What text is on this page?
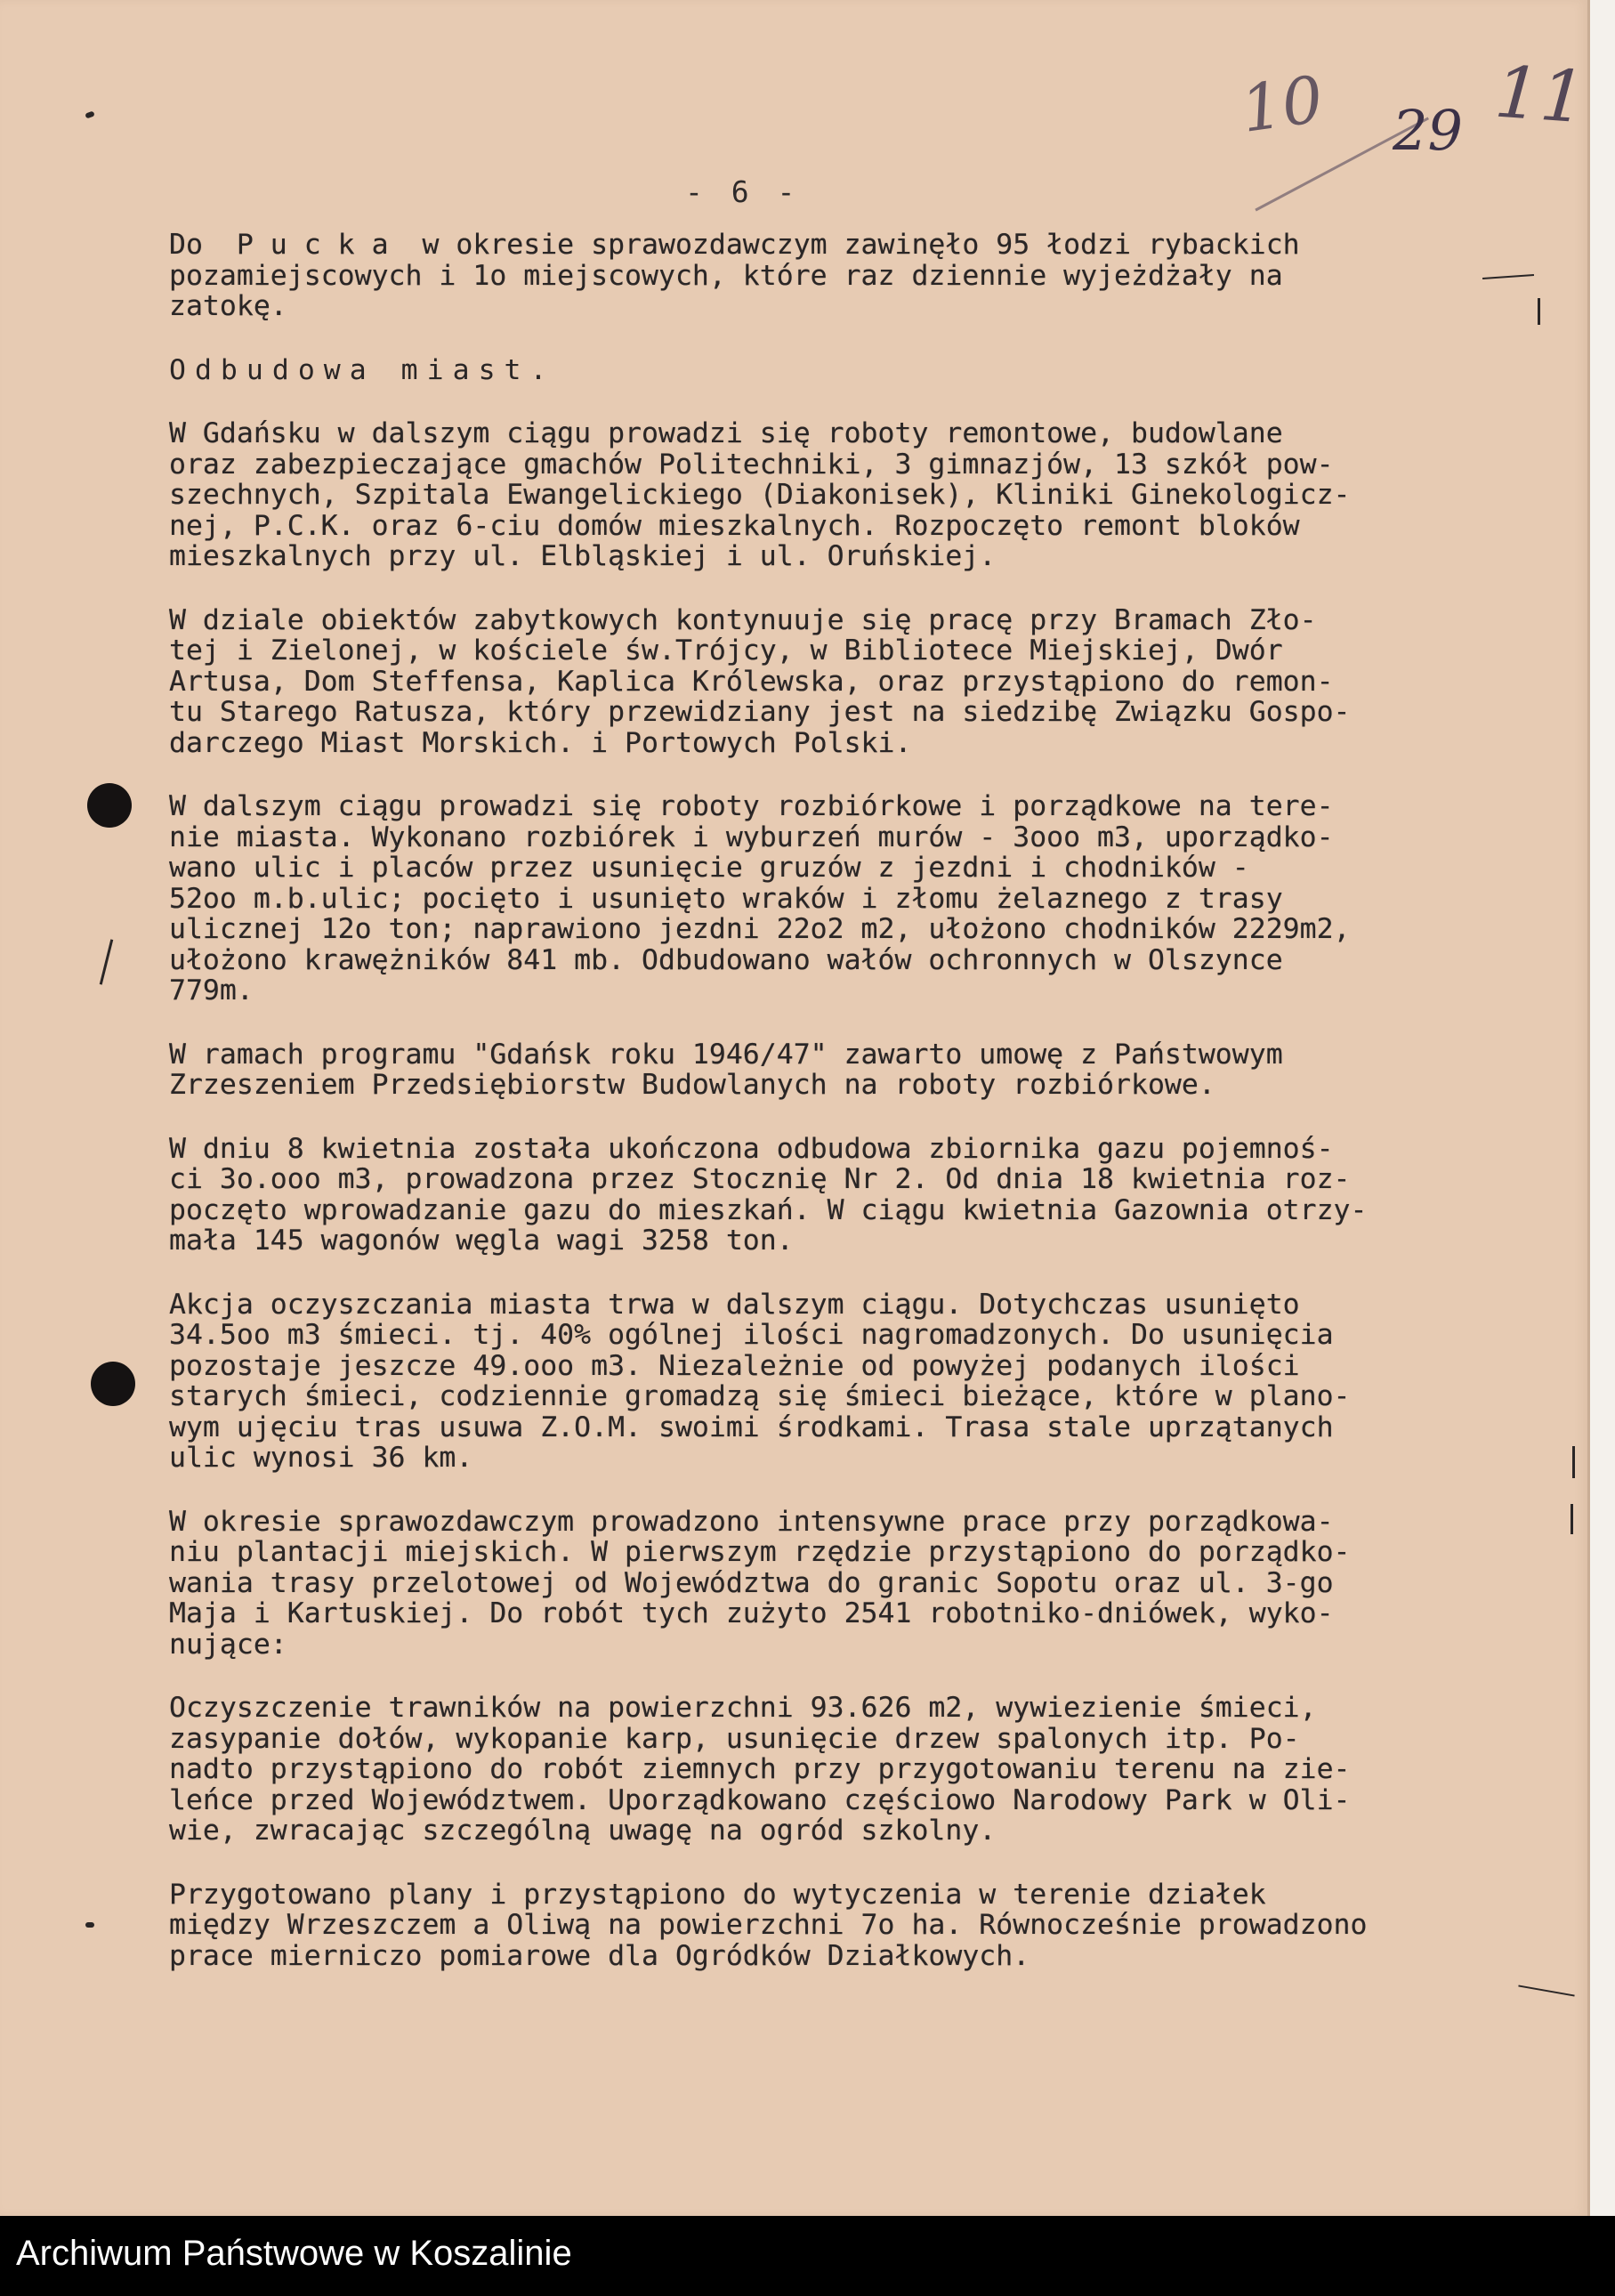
10 29 11
- 6 -

Do  P u c k a  w okresie sprawozdawczym zawinęło 95 łodzi rybackich
pozamiejscowych i 1o miejscowych, które raz dziennie wyjeżdżały na
zatokę.

Odbudowa miast.

W Gdańsku w dalszym ciągu prowadzi się roboty remontowe, budowlane
oraz zabezpieczające gmachów Politechniki, 3 gimnazjów, 13 szkół pow-
szechnych, Szpitala Ewangelickiego (Diakonisek), Kliniki Ginekologicz-
nej, P.C.K. oraz 6-ciu domów mieszkalnych. Rozpoczęto remont bloków
mieszkalnych przy ul. Elbląskiej i ul. Oruńskiej.

W dziale obiektów zabytkowych kontynuuje się pracę przy Bramach Zło-
tej i Zielonej, w kościele św.Trójcy, w Bibliotece Miejskiej, Dwór
Artusa, Dom Steffensa, Kaplica Królewska, oraz przystąpiono do remon-
tu Starego Ratusza, który przewidziany jest na siedzibę Związku Gospo-
darczego Miast Morskich. i Portowych Polski.

W dalszym ciągu prowadzi się roboty rozbiórkowe i porządkowe na tere-
nie miasta. Wykonano rozbiórek i wyburzeń murów - 3ooo m3, uporządko-
wano ulic i placów przez usunięcie gruzów z jezdni i chodników -
52oo m.b.ulic; pocięto i usunięto wraków i złomu żelaznego z trasy
ulicznej 12o ton; naprawiono jezdni 22o2 m2, ułożono chodników 2229m2,
ułożono krawężników 841 mb. Odbudowano wałów ochronnych w Olszynce
779m.

W ramach programu "Gdańsk roku 1946/47" zawarto umowę z Państwowym
Zrzeszeniem Przedsiębiorstw Budowlanych na roboty rozbiórkowe.

W dniu 8 kwietnia została ukończona odbudowa zbiornika gazu pojemnoś-
ci 3o.ooo m3, prowadzona przez Stocznię Nr 2. Od dnia 18 kwietnia roz-
poczęto wprowadzanie gazu do mieszkań. W ciągu kwietnia Gazownia otrzy-
mała 145 wagonów węgla wagi 3258 ton.

Akcja oczyszczania miasta trwa w dalszym ciągu. Dotychczas usunięto
34.5oo m3 śmieci. tj. 40% ogólnej ilości nagromadzonych. Do usunięcia
pozostaje jeszcze 49.ooo m3. Niezależnie od powyżej podanych ilości
starych śmieci, codziennie gromadzą się śmieci bieżące, które w plano-
wym ujęciu tras usuwa Z.O.M. swoimi środkami. Trasa stale uprzątanych
ulic wynosi 36 km.

W okresie sprawozdawczym prowadzono intensywne prace przy porządkowa-
niu plantacji miejskich. W pierwszym rzędzie przystąpiono do porządko-
wania trasy przelotowej od Województwa do granic Sopotu oraz ul. 3-go
Maja i Kartuskiej. Do robót tych zużyto 2541 robotniko-dniówek, wyko-
nujące:

Oczyszczenie trawników na powierzchni 93.626 m2, wywiezienie śmieci,
zasypanie dołów, wykopanie karp, usunięcie drzew spalonych itp. Po-
nadto przystąpiono do robót ziemnych przy przygotowaniu terenu na zie-
leńce przed Województwem. Uporządkowano częściowo Narodowy Park w Oli-
wie, zwracając szczególną uwagę na ogród szkolny.

Przygotowano plany i przystąpiono do wytyczenia w terenie działek
między Wrzeszczem a Oliwą na powierzchni 7o ha. Równocześnie prowadzono
prace mierniczo pomiarowe dla Ogródków Działkowych.

Archiwum Państwowe w Koszalinie
